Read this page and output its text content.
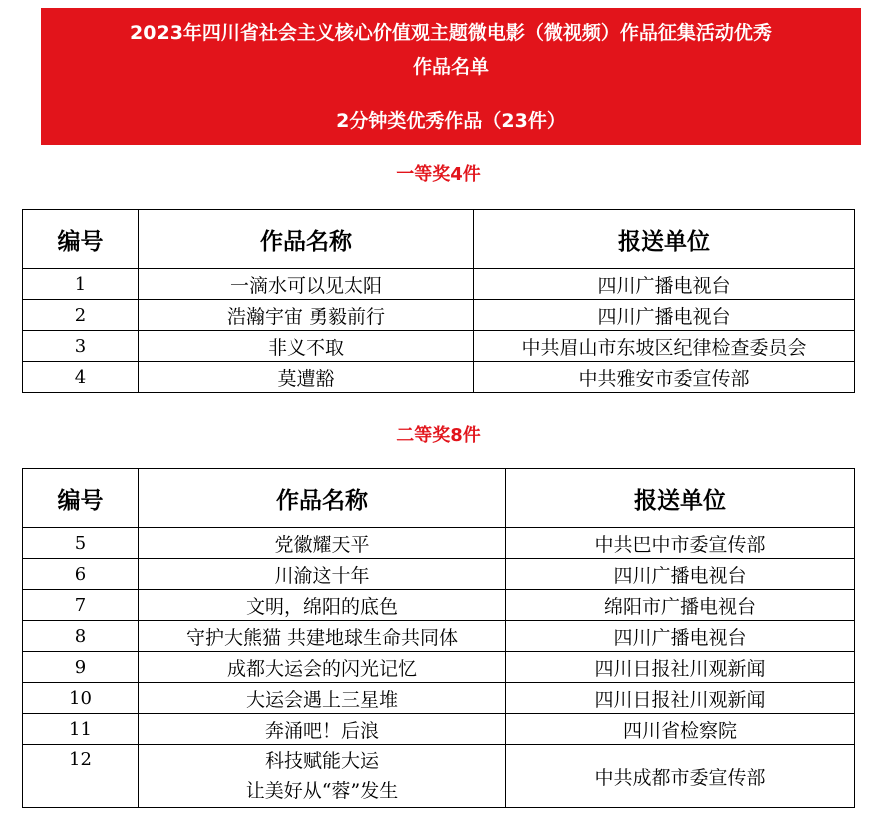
2023年四川省社会主义核心价值观主题微电影（微视频）作品征集活动优秀
作品名单
2分钟类优秀作品（23件）
一等奖4件
编号	作品名称	报送单位
1	一滴水可以见太阳	四川广播电视台
2	浩瀚宇宙 勇毅前行	四川广播电视台
3	非义不取	中共眉山市东坡区纪律检查委员会
4	莫遭豁	中共雅安市委宣传部
二等奖8件
编号	作品名称	报送单位
5	党徽耀天平	中共巴中市委宣传部
6	川渝这十年	四川广播电视台
7	文明，绵阳的底色	绵阳市广播电视台
8	守护大熊猫 共建地球生命共同体	四川广播电视台
9	成都大运会的闪光记忆	四川日报社川观新闻
10	大运会遇上三星堆	四川日报社川观新闻
11	奔涌吧！后浪	四川省检察院
12	科技赋能大运
让美好从“蓉”发生	中共成都市委宣传部
